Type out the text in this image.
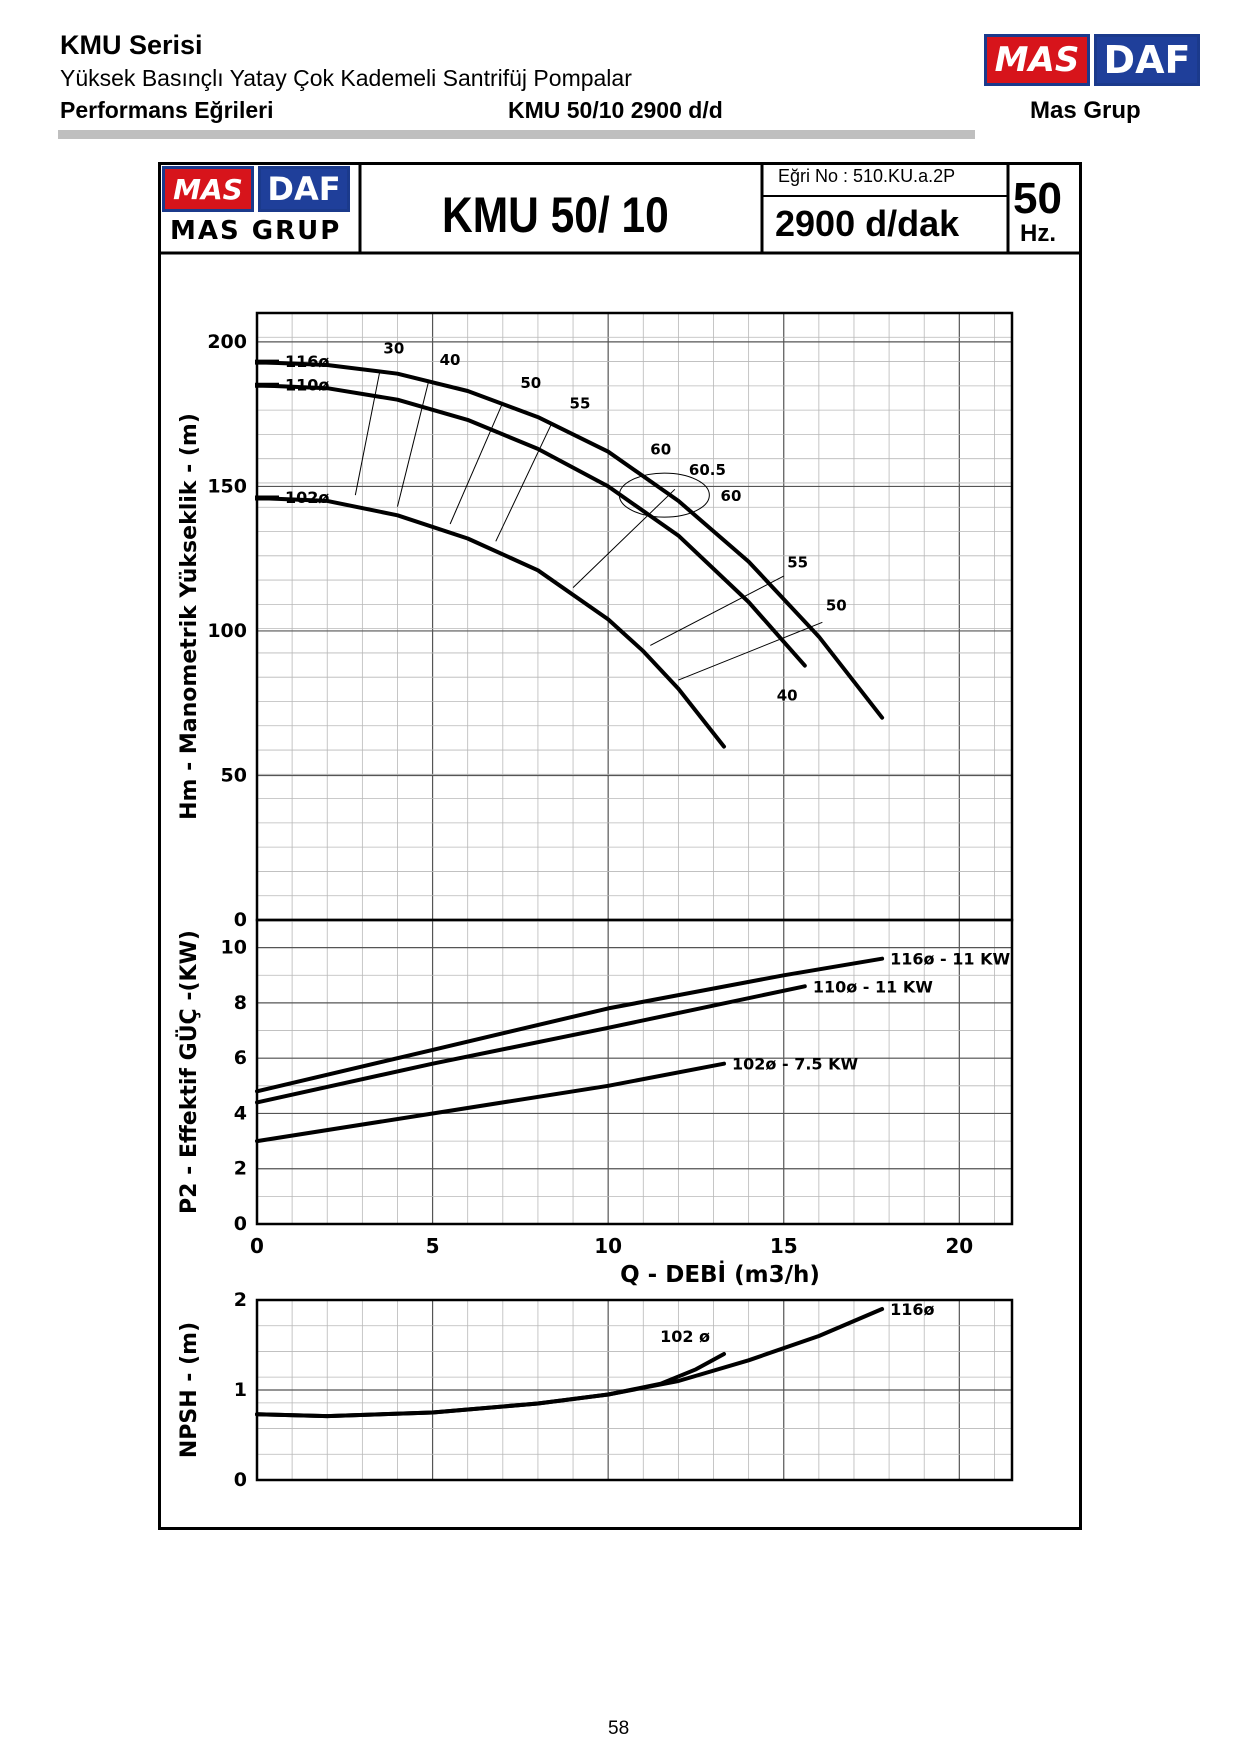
KMU Serisi
Yüksek Basınçlı Yatay Çok Kademeli Santrifüj Pompalar
Performans Eğrileri	KMU 50/10 2900 d/d	Mas Grup
MAS DAF
MAS DAF
MAS GRUP KMU 50/ 10
Eğri No : 510.KU.a.2P
2900 d/dak
50
Hz.
0
50
100
150
200
Hm - Manometrik Yükseklik - (m)
0
2
4
6
8
10
P2 - Effektif GÜÇ -(KW)
0
1
2
NPSH - (m)
0	5	10	15	20
Q - DEBİ (m3/h)
116ø
110ø
102ø
30
40
50
55
60
60.5
60
55
50
40
116ø - 11 KW
110ø - 11 KW
102ø - 7.5 KW
116ø
102 ø
58
